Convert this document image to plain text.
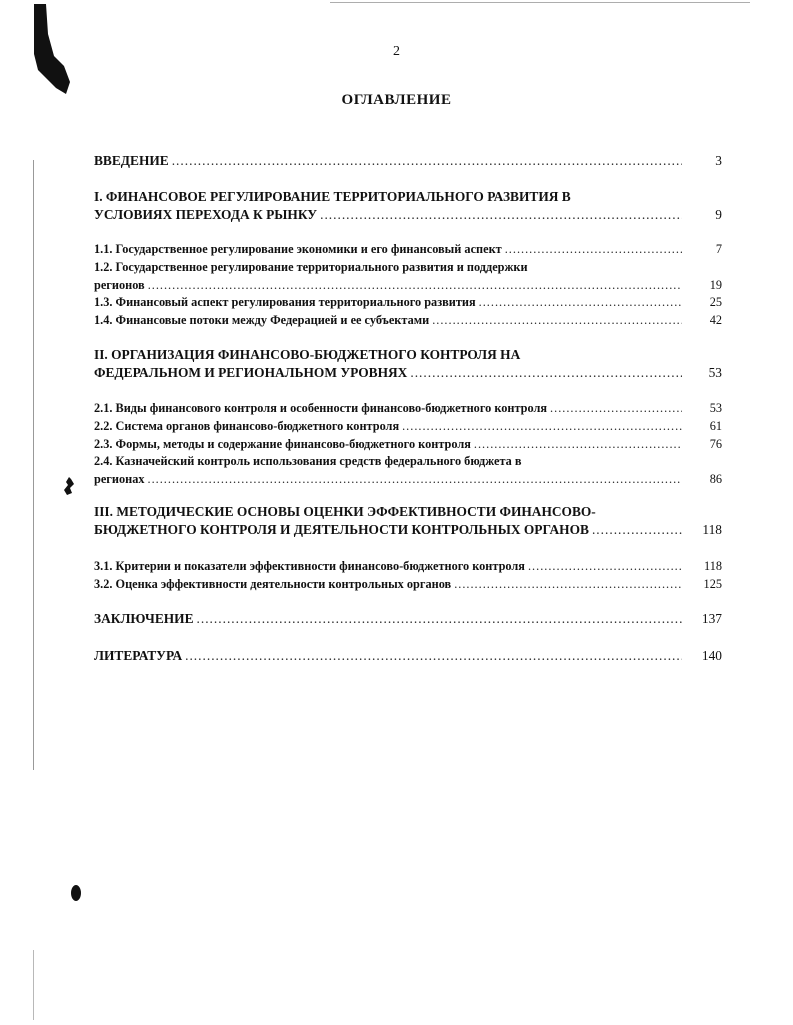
2
ОГЛАВЛЕНИЕ
ВВЕДЕНИЕ .....	3
I. ФИНАНСОВОЕ РЕГУЛИРОВАНИЕ ТЕРРИТОРИАЛЬНОГО РАЗВИТИЯ В
УСЛОВИЯХ ПЕРЕХОДА К РЫНКУ .....	9
1.1. Государственное регулирование экономики и его финансовый аспект .....	7
1.2. Государственное регулирование территориального развития и поддержки
регионов .....	19
1.3. Финансовый аспект регулирования территориального развития .....	25
1.4. Финансовые потоки между Федерацией и ее субъектами .....	42
II. ОРГАНИЗАЦИЯ ФИНАНСОВО-БЮДЖЕТНОГО КОНТРОЛЯ НА
ФЕДЕРАЛЬНОМ И РЕГИОНАЛЬНОМ УРОВНЯХ .....	53
2.1. Виды финансового контроля и особенности финансово-бюджетного контроля .....	53
2.2. Система органов финансово-бюджетного контроля .....	61
2.3. Формы, методы и содержание финансово-бюджетного контроля .....	76
2.4. Казначейский контроль использования средств федерального бюджета в
регионах .....	86
III. МЕТОДИЧЕСКИЕ ОСНОВЫ ОЦЕНКИ ЭФФЕКТИВНОСТИ ФИНАНСОВО-
БЮДЖЕТНОГО КОНТРОЛЯ И ДЕЯТЕЛЬНОСТИ КОНТРОЛЬНЫХ ОРГАНОВ .....	118
3.1. Критерии и показатели эффективности финансово-бюджетного контроля .....	118
3.2. Оценка эффективности деятельности контрольных органов .....	125
ЗАКЛЮЧЕНИЕ .....	137
ЛИТЕРАТУРА .....	140
